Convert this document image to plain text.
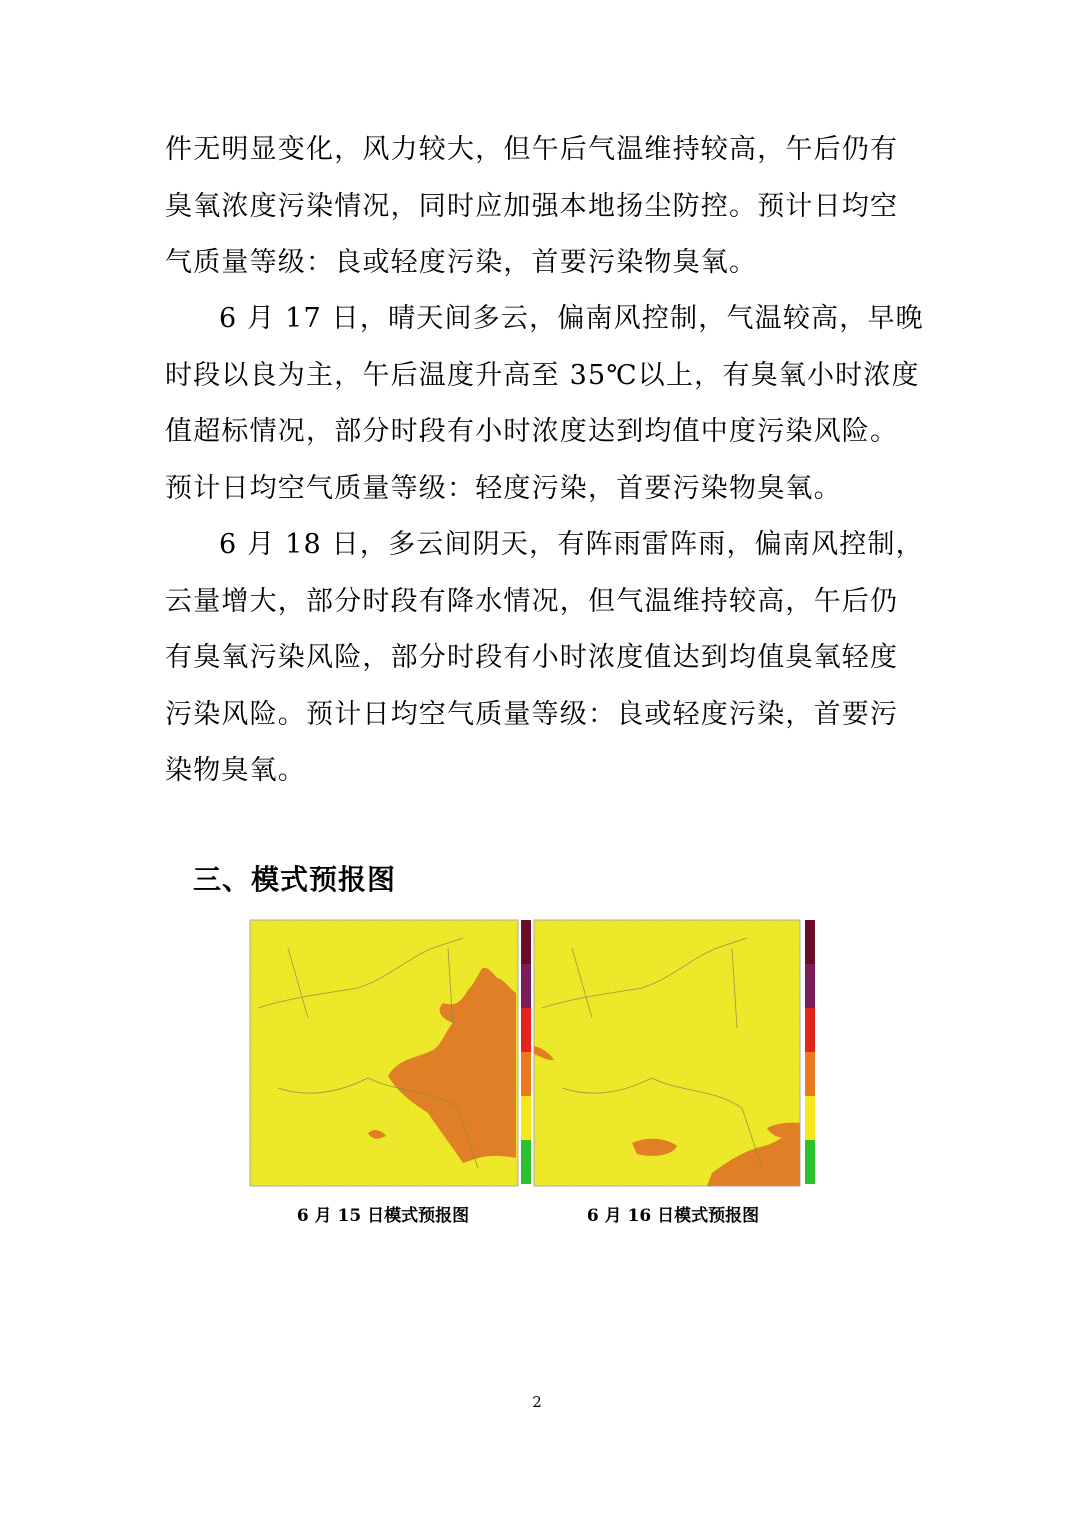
件无明显变化，风力较大，但午后气温维持较高，午后仍有臭氧浓度污染情况，同时应加强本地扬尘防控。预计日均空气质量等级：良或轻度污染，首要污染物臭氧。

6 月 17 日，晴天间多云，偏南风控制，气温较高，早晚时段以良为主，午后温度升高至 35℃以上，有臭氧小时浓度值超标情况，部分时段有小时浓度达到均值中度污染风险。预计日均空气质量等级：轻度污染，首要污染物臭氧。

6 月 18 日，多云间阴天，有阵雨雷阵雨，偏南风控制，云量增大，部分时段有降水情况，但气温维持较高，午后仍有臭氧污染风险，部分时段有小时浓度值达到均值臭氧轻度污染风险。预计日均空气质量等级：良或轻度污染，首要污染物臭氧。

三、模式预报图
6 月 15 日模式预报图	6 月 16 日模式预报图
2
